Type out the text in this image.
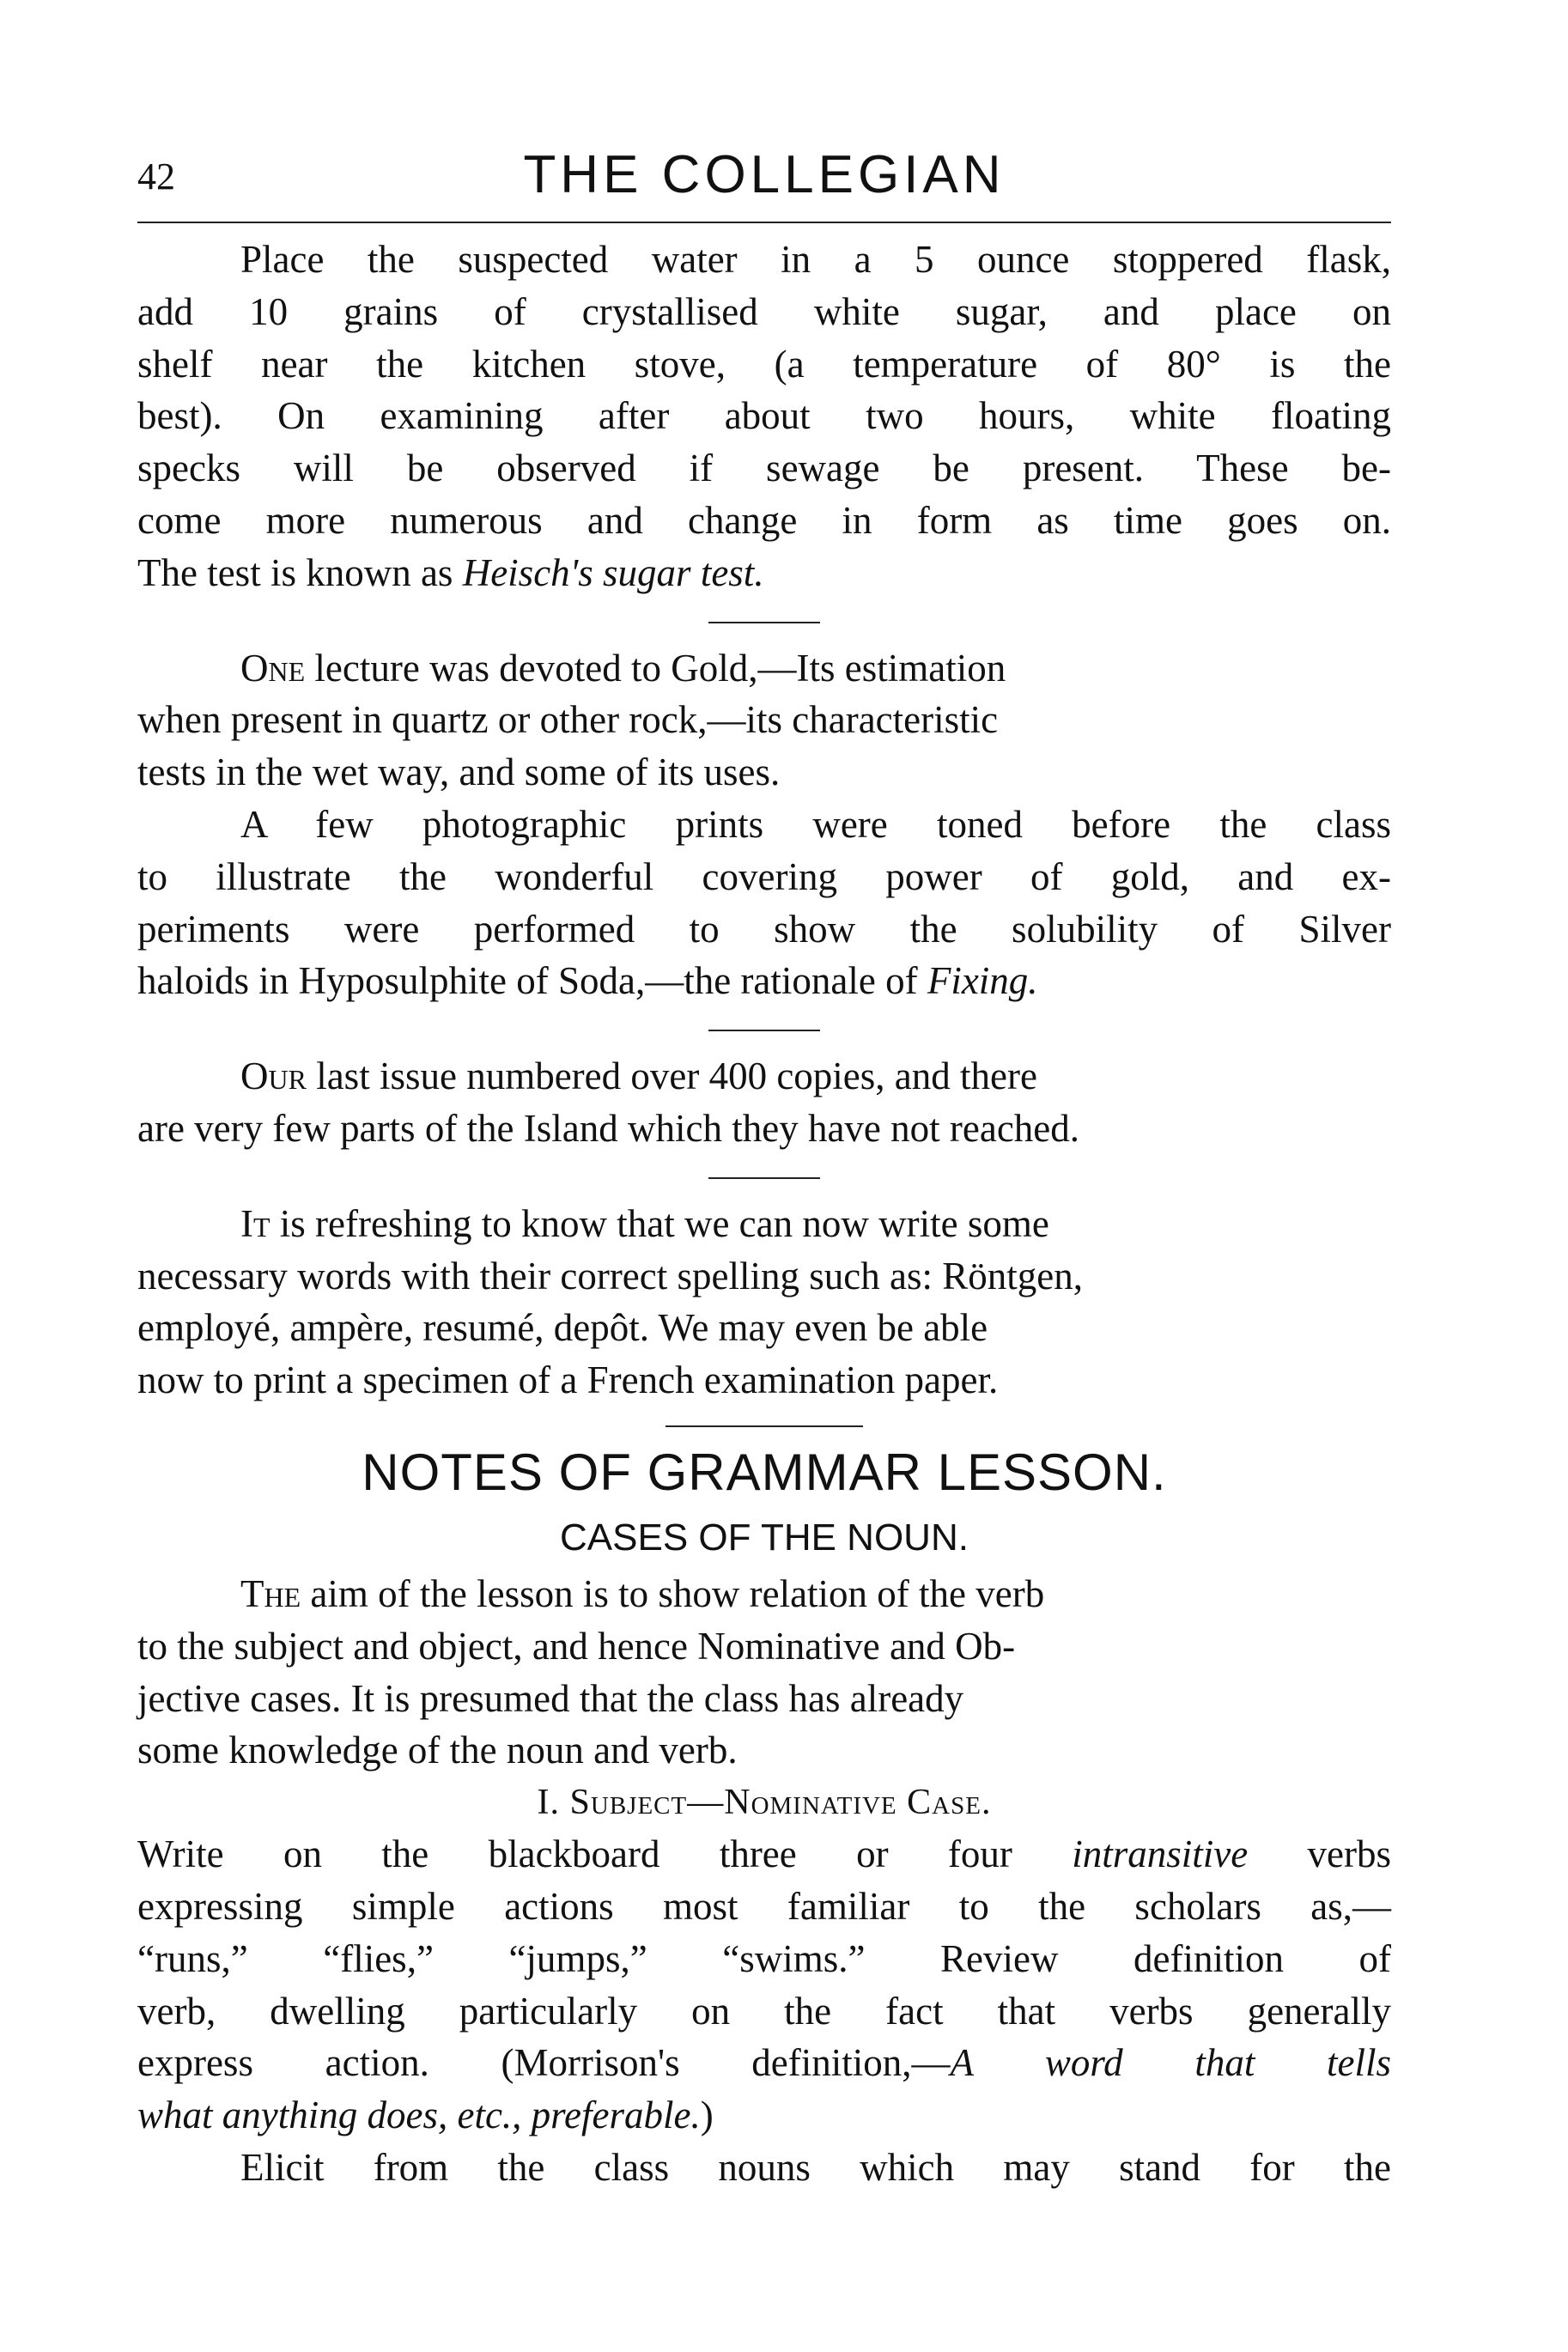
42	THE COLLEGIAN

Place the suspected water in a 5 ounce stoppered flask,
add 10 grains of crystallised white sugar, and place on
shelf near the kitchen stove, (a temperature of 80° is the
best). On examining after about two hours, white floating
specks will be observed if sewage be present. These be-
come more numerous and change in form as time goes on.

The test is known as Heisch's sugar test.

One lecture was devoted to Gold,—Its estimation
when present in quartz or other rock,—its characteristic
tests in the wet way, and some of its uses.

A few photographic prints were toned before the class
to illustrate the wonderful covering power of gold, and ex-
periments were performed to show the solubility of Silver

haloids in Hyposulphite of Soda,—the rationale of Fixing.

Our last issue numbered over 400 copies, and there
are very few parts of the Island which they have not reached.

It is refreshing to know that we can now write some
necessary words with their correct spelling such as: Röntgen,
employé, ampère, resumé, depôt. We may even be able
now to print a specimen of a French examination paper.

NOTES OF GRAMMAR LESSON.
CASES OF THE NOUN.

The aim of the lesson is to show relation of the verb
to the subject and object, and hence Nominative and Ob-
jective cases. It is presumed that the class has already
some knowledge of the noun and verb.

I. Subject—Nominative Case.

Write on the blackboard three or four intransitive verbs
expressing simple actions most familiar to the scholars as,—
“runs,” “flies,” “jumps,” “swims.” Review definition of
verb, dwelling particularly on the fact that verbs generally
express action. (Morrison's definition,—A word that tells

what anything does, etc., preferable.)

Elicit from the class nouns which may stand for the
